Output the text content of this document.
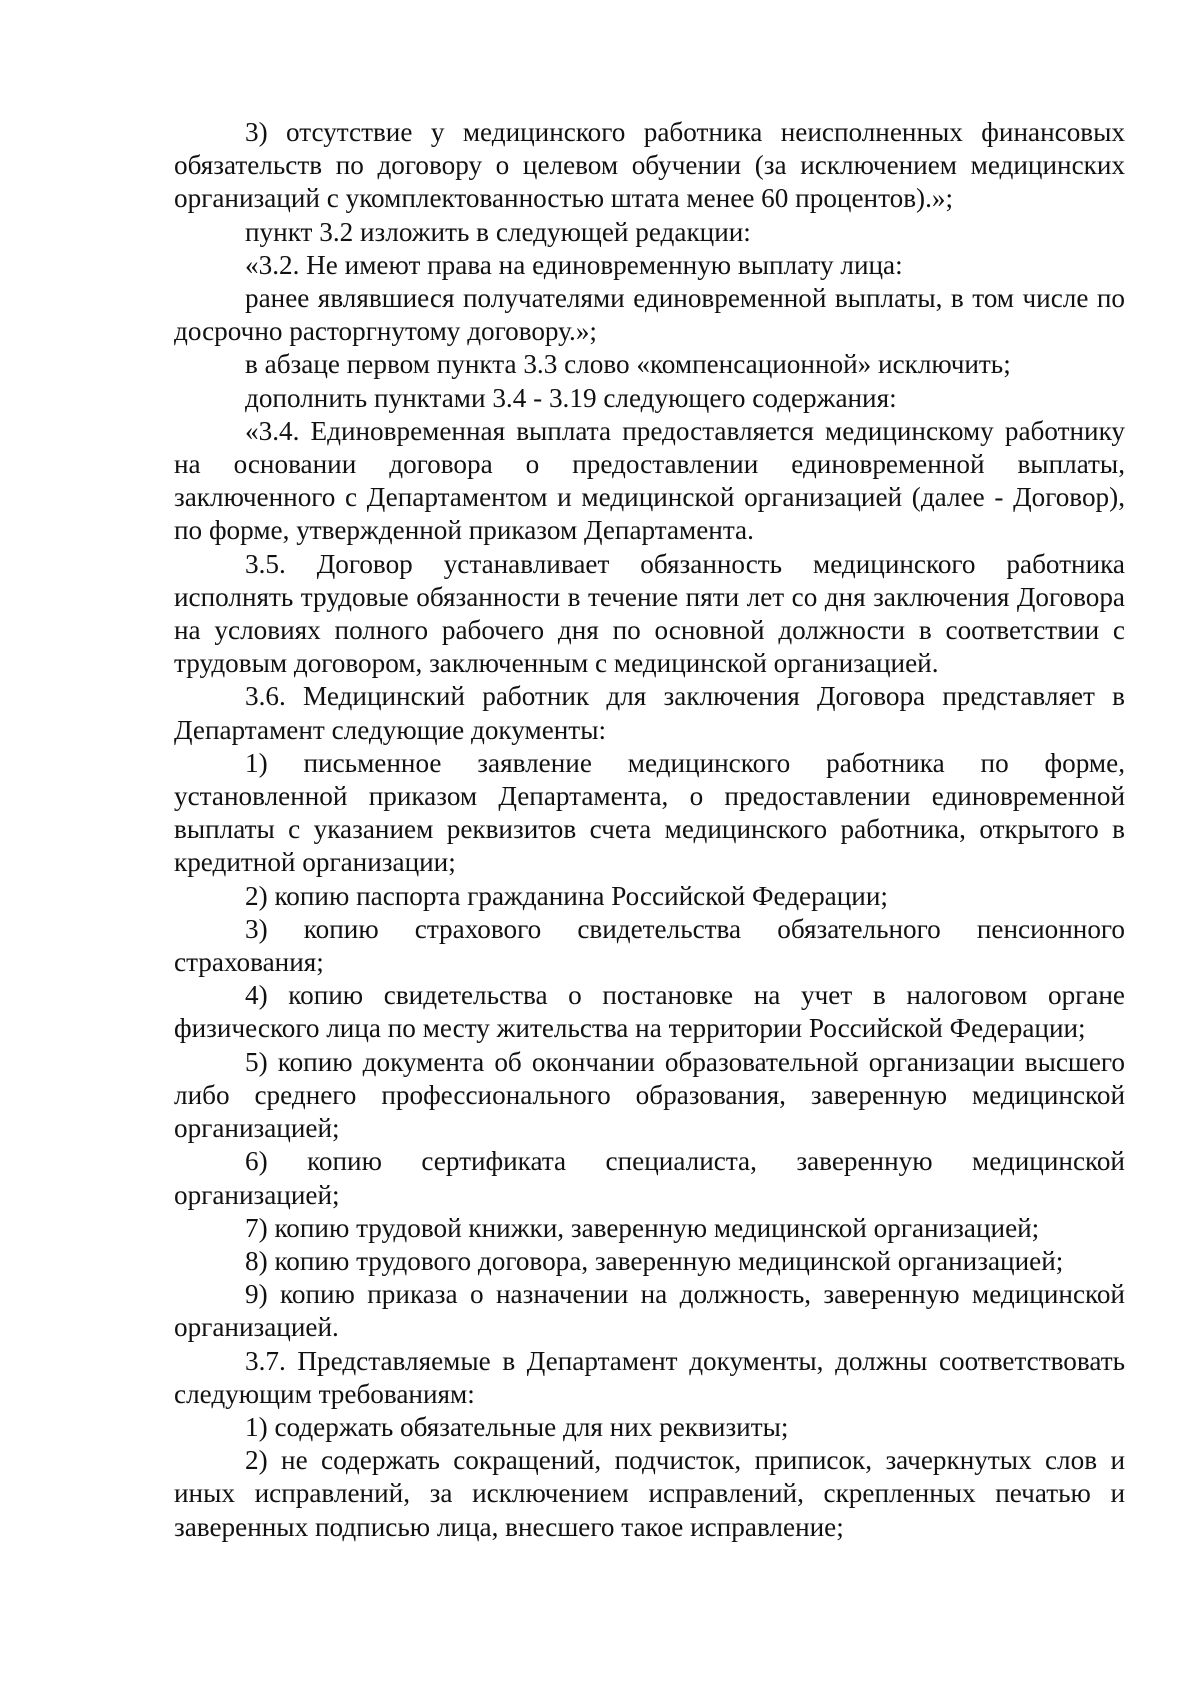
3) отсутствие у медицинского работника неисполненных финансовых обязательств по договору о целевом обучении (за исключением медицинских организаций с укомплектованностью штата менее 60 процентов).»;

пункт 3.2 изложить в следующей редакции:

«3.2. Не имеют права на единовременную выплату лица:

ранее являвшиеся получателями единовременной выплаты, в том числе по досрочно расторгнутому договору.»;

в абзаце первом пункта 3.3 слово «компенсационной» исключить;

дополнить пунктами 3.4 - 3.19 следующего содержания:

«3.4. Единовременная выплата предоставляется медицинскому работнику на основании договора о предоставлении единовременной выплаты, заключенного с Департаментом и медицинской организацией (далее - Договор), по форме, утвержденной приказом Департамента.

3.5. Договор устанавливает обязанность медицинского работника исполнять трудовые обязанности в течение пяти лет со дня заключения Договора на условиях полного рабочего дня по основной должности в соответствии с трудовым договором, заключенным с медицинской организацией.

3.6. Медицинский работник для заключения Договора представляет в Департамент следующие документы:

1) письменное заявление медицинского работника по форме, установленной приказом Департамента, о предоставлении единовременной выплаты с указанием реквизитов счета медицинского работника, открытого в кредитной организации;

2) копию паспорта гражданина Российской Федерации;

3) копию страхового свидетельства обязательного пенсионного страхования;

4) копию свидетельства о постановке на учет в налоговом органе физического лица по месту жительства на территории Российской Федерации;

5) копию документа об окончании образовательной организации высшего либо среднего профессионального образования, заверенную медицинской организацией;

6) копию сертификата специалиста, заверенную медицинской организацией;

7) копию трудовой книжки, заверенную медицинской организацией;

8) копию трудового договора, заверенную медицинской организацией;

9) копию приказа о назначении на должность, заверенную медицинской организацией.

3.7. Представляемые в Департамент документы, должны соответствовать следующим требованиям:

1) содержать обязательные для них реквизиты;

2) не содержать сокращений, подчисток, приписок, зачеркнутых слов и иных исправлений, за исключением исправлений, скрепленных печатью и заверенных подписью лица, внесшего такое исправление;
